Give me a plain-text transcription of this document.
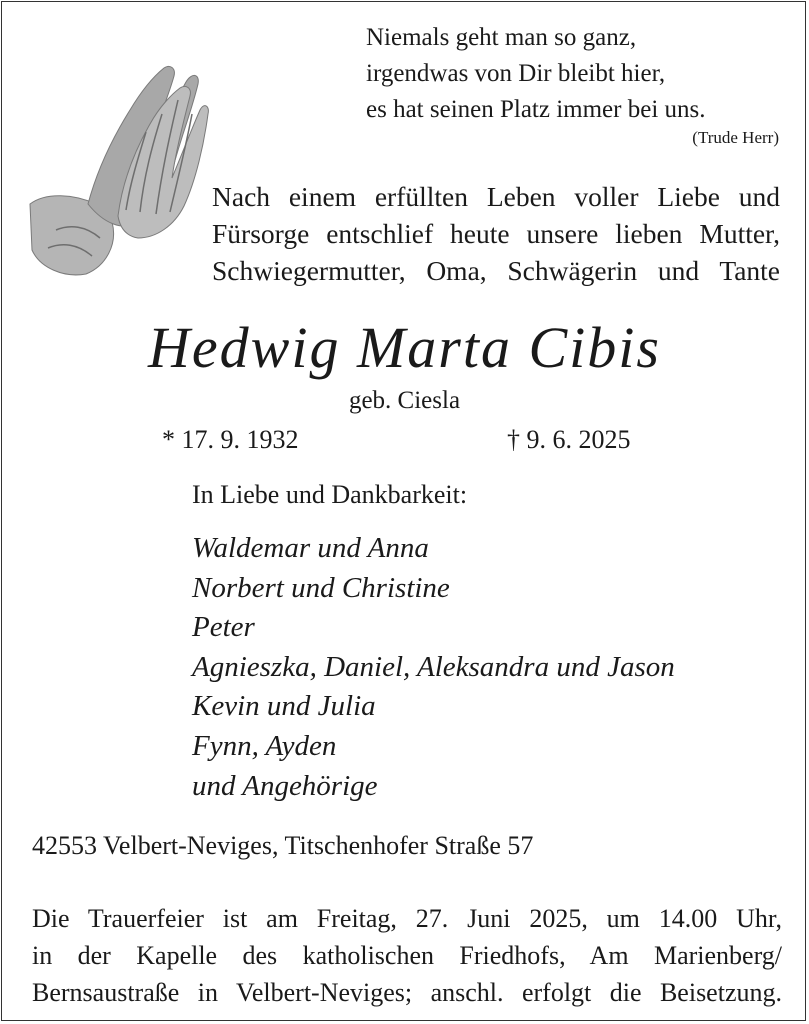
Niemals geht man so ganz,
irgendwas von Dir bleibt hier,
es hat seinen Platz immer bei uns.
(Trude Herr)
Nach einem erfüllten Leben voller Liebe und
Fürsorge entschlief heute unsere lieben Mutter,
Schwiegermutter, Oma, Schwägerin und Tante
Hedwig Marta Cibis
geb. Ciesla
* 17. 9. 1932	† 9. 6. 2025
In Liebe und Dankbarkeit:
Waldemar und Anna
Norbert und Christine
Peter
Agnieszka, Daniel, Aleksandra und Jason
Kevin und Julia
Fynn, Ayden
und Angehörige
42553 Velbert-Neviges, Titschenhofer Straße 57
Die Trauerfeier ist am Freitag, 27. Juni 2025, um 14.00 Uhr,
in der Kapelle des katholischen Friedhofs, Am Marienberg/
Bernsaustraße in Velbert-Neviges; anschl. erfolgt die Beisetzung.
